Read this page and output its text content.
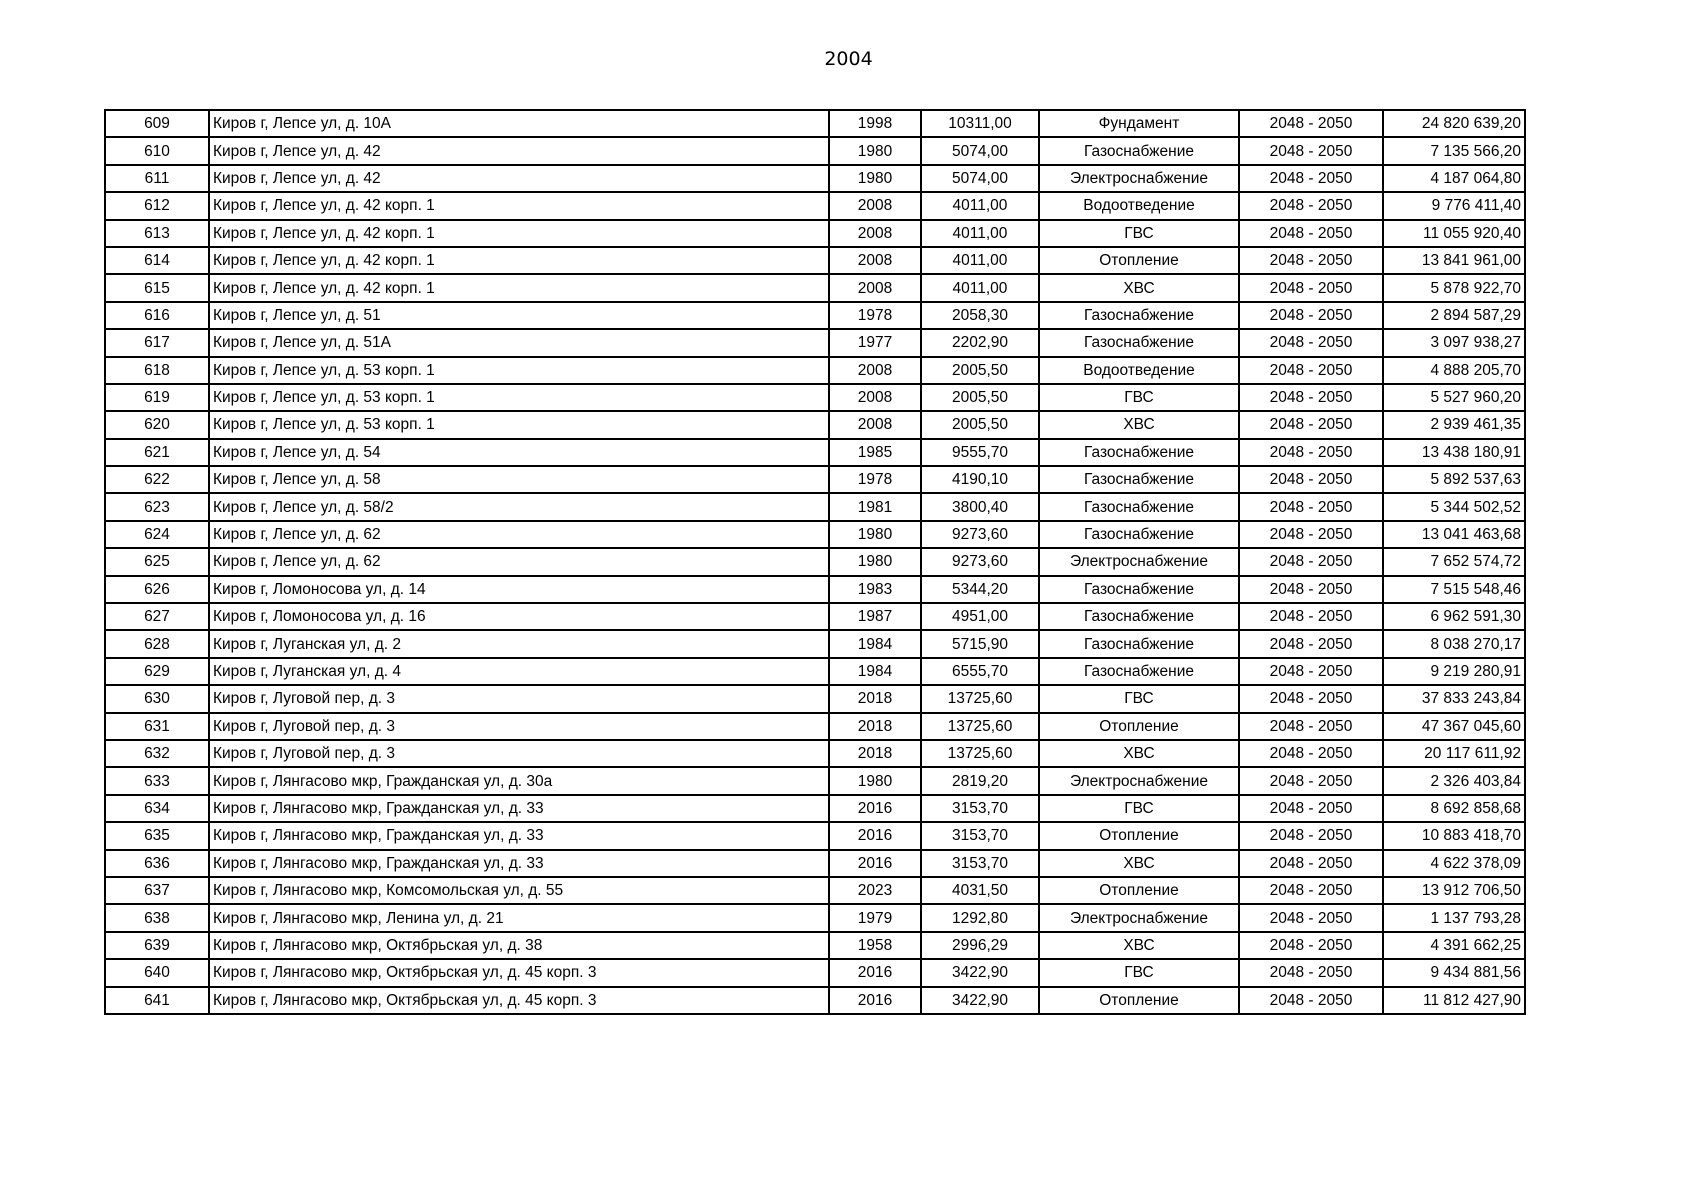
2004
609	Киров г, Лепсе ул, д. 10А	1998	10311,00	Фундамент	2048 - 2050	24 820 639,20
610	Киров г, Лепсе ул, д. 42	1980	5074,00	Газоснабжение	2048 - 2050	7 135 566,20
611	Киров г, Лепсе ул, д. 42	1980	5074,00	Электроснабжение	2048 - 2050	4 187 064,80
612	Киров г, Лепсе ул, д. 42 корп. 1	2008	4011,00	Водоотведение	2048 - 2050	9 776 411,40
613	Киров г, Лепсе ул, д. 42 корп. 1	2008	4011,00	ГВС	2048 - 2050	11 055 920,40
614	Киров г, Лепсе ул, д. 42 корп. 1	2008	4011,00	Отопление	2048 - 2050	13 841 961,00
615	Киров г, Лепсе ул, д. 42 корп. 1	2008	4011,00	ХВС	2048 - 2050	5 878 922,70
616	Киров г, Лепсе ул, д. 51	1978	2058,30	Газоснабжение	2048 - 2050	2 894 587,29
617	Киров г, Лепсе ул, д. 51А	1977	2202,90	Газоснабжение	2048 - 2050	3 097 938,27
618	Киров г, Лепсе ул, д. 53 корп. 1	2008	2005,50	Водоотведение	2048 - 2050	4 888 205,70
619	Киров г, Лепсе ул, д. 53 корп. 1	2008	2005,50	ГВС	2048 - 2050	5 527 960,20
620	Киров г, Лепсе ул, д. 53 корп. 1	2008	2005,50	ХВС	2048 - 2050	2 939 461,35
621	Киров г, Лепсе ул, д. 54	1985	9555,70	Газоснабжение	2048 - 2050	13 438 180,91
622	Киров г, Лепсе ул, д. 58	1978	4190,10	Газоснабжение	2048 - 2050	5 892 537,63
623	Киров г, Лепсе ул, д. 58/2	1981	3800,40	Газоснабжение	2048 - 2050	5 344 502,52
624	Киров г, Лепсе ул, д. 62	1980	9273,60	Газоснабжение	2048 - 2050	13 041 463,68
625	Киров г, Лепсе ул, д. 62	1980	9273,60	Электроснабжение	2048 - 2050	7 652 574,72
626	Киров г, Ломоносова ул, д. 14	1983	5344,20	Газоснабжение	2048 - 2050	7 515 548,46
627	Киров г, Ломоносова ул, д. 16	1987	4951,00	Газоснабжение	2048 - 2050	6 962 591,30
628	Киров г, Луганская ул, д. 2	1984	5715,90	Газоснабжение	2048 - 2050	8 038 270,17
629	Киров г, Луганская ул, д. 4	1984	6555,70	Газоснабжение	2048 - 2050	9 219 280,91
630	Киров г, Луговой пер, д. 3	2018	13725,60	ГВС	2048 - 2050	37 833 243,84
631	Киров г, Луговой пер, д. 3	2018	13725,60	Отопление	2048 - 2050	47 367 045,60
632	Киров г, Луговой пер, д. 3	2018	13725,60	ХВС	2048 - 2050	20 117 611,92
633	Киров г, Лянгасово мкр, Гражданская ул, д. 30а	1980	2819,20	Электроснабжение	2048 - 2050	2 326 403,84
634	Киров г, Лянгасово мкр, Гражданская ул, д. 33	2016	3153,70	ГВС	2048 - 2050	8 692 858,68
635	Киров г, Лянгасово мкр, Гражданская ул, д. 33	2016	3153,70	Отопление	2048 - 2050	10 883 418,70
636	Киров г, Лянгасово мкр, Гражданская ул, д. 33	2016	3153,70	ХВС	2048 - 2050	4 622 378,09
637	Киров г, Лянгасово мкр, Комсомольская ул, д. 55	2023	4031,50	Отопление	2048 - 2050	13 912 706,50
638	Киров г, Лянгасово мкр, Ленина ул, д. 21	1979	1292,80	Электроснабжение	2048 - 2050	1 137 793,28
639	Киров г, Лянгасово мкр, Октябрьская ул, д. 38	1958	2996,29	ХВС	2048 - 2050	4 391 662,25
640	Киров г, Лянгасово мкр, Октябрьская ул, д. 45 корп. 3	2016	3422,90	ГВС	2048 - 2050	9 434 881,56
641	Киров г, Лянгасово мкр, Октябрьская ул, д. 45 корп. 3	2016	3422,90	Отопление	2048 - 2050	11 812 427,90
